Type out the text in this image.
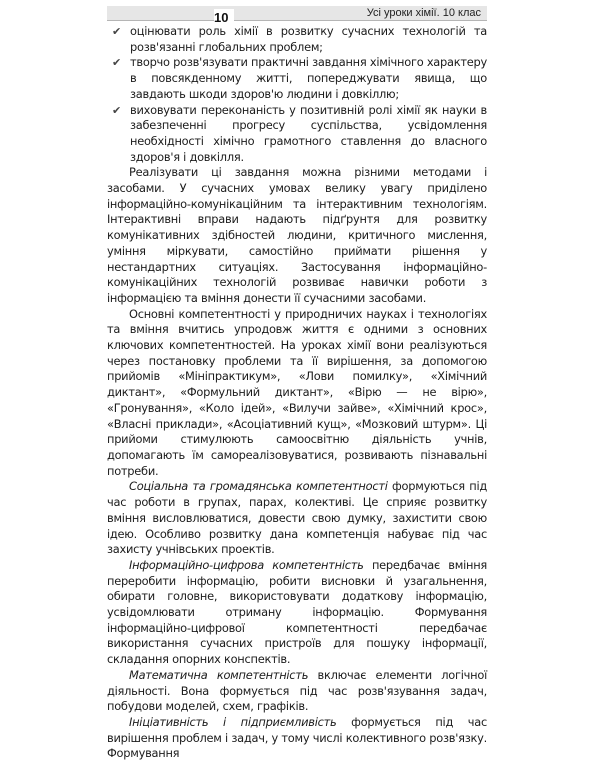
10	Усі уроки хімії. 10 клас
✔ оцінювати роль хімії в розвитку сучасних технологій та розв'язанні глобальних проблем;
✔ творчо розв'язувати практичні завдання хімічного характеру в повсякденному житті, попереджувати явища, що завдають шкоди здоров'ю людини і довкіллю;
✔ виховувати переконаність у позитивній ролі хімії як науки в забезпеченні прогресу суспільства, усвідомлення необхідності хімічно грамотного ставлення до власного здоров'я і довкілля.

Реалізувати ці завдання можна різними методами і засобами. У сучасних умовах велику увагу приділено інформаційно-комунікаційним та інтерактивним технологіям. Інтерактивні вправи надають підґрунтя для розвитку комунікативних здібностей людини, критичного мислення, уміння міркувати, самостійно приймати рішення у нестандартних ситуаціях. Застосування інформаційно-комунікаційних технологій розвиває навички роботи з інформацією та вміння донести її сучасними засобами.

Основні компетентності у природничих науках і технологіях та вміння вчитись упродовж життя є одними з основних ключових компетентностей. На уроках хімії вони реалізуються через постановку проблеми та її вирішення, за допомогою прийомів «Мініпрактикум», «Лови помилку», «Хімічний диктант», «Формульний диктант», «Вірю — не вірю», «Гронування», «Коло ідей», «Вилучи зайве», «Хімічний крос», «Власні приклади», «Асоціативний кущ», «Мозковий штурм». Ці прийоми стимулюють самоосвітню діяльність учнів, допомагають їм самореалізовуватися, розвивають пізнавальні потреби.

Соціальна та громадянська компетентності формуються під час роботи в групах, парах, колективі. Це сприяє розвитку вміння висловлюватися, довести свою думку, захистити свою ідею. Особливо розвитку дана компетенція набуває під час захисту учнівських проектів.

Інформаційно-цифрова компетентність передбачає вміння переробити інформацію, робити висновки й узагальнення, обирати головне, використовувати додаткову інформацію, усвідомлювати отриману інформацію. Формування інформаційно-цифрової компетентності передбачає використання сучасних пристроїв для пошуку інформації, складання опорних конспектів.

Математична компетентність включає елементи логічної діяльності. Вона формується під час розв'язування задач, побудови моделей, схем, графіків.

Ініціативність і підприємливість формується під час вирішення проблем і задач, у тому числі колективного розв'язку. Формування
